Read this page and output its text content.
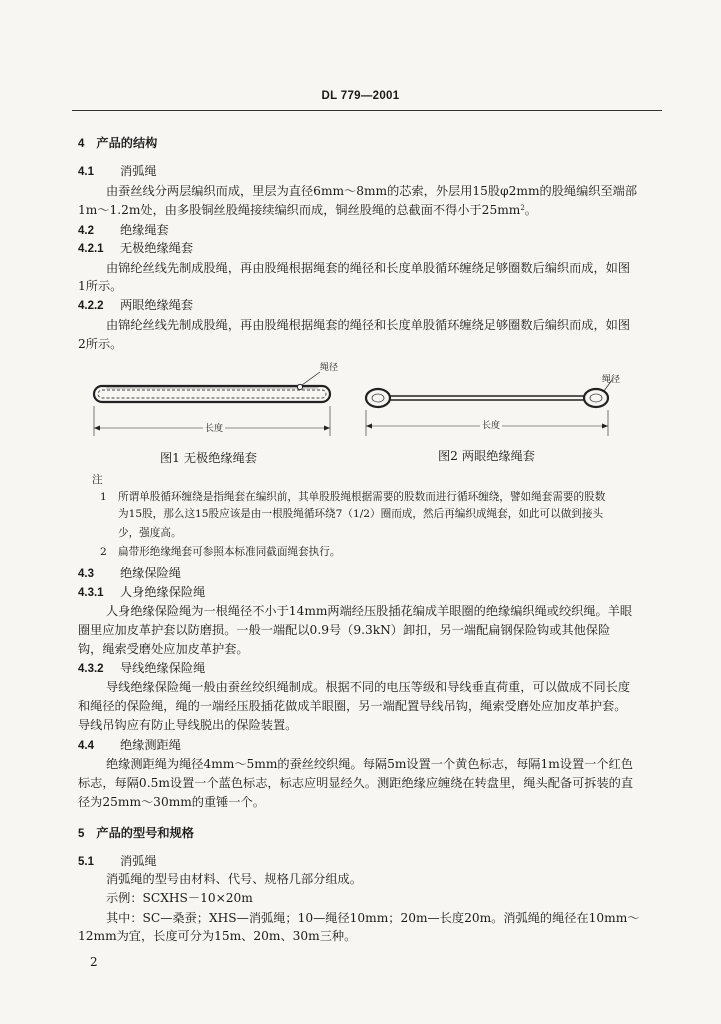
DL 779—2001
4 产品的结构
4.1 消弧绳
由蚕丝线分两层编织而成，里层为直径6mm～8mm的芯索，外层用15股φ2mm的股绳编织至端部
1m～1.2m处，由多股铜丝股绳接续编织而成，铜丝股绳的总截面不得小于$25mm^2$。
4.2 绝缘绳套
4.2.1 无极绝缘绳套
由锦纶丝线先制成股绳，再由股绳根据绳套的绳径和长度单股循环缠绕足够圈数后编织而成，如图
1所示。
4.2.2 两眼绝缘绳套
由锦纶丝线先制成股绳，再由股绳根据绳套的绳径和长度单股循环缠绕足够圈数后编织而成，如图
2所示。
绳径
长度
图1 无极绝缘绳套
绳径
长度
图2 两眼绝缘绳套
注
1 所谓单股循环缠绕是指绳套在编织前，其单股股绳根据需要的股数而进行循环缠绕，譬如绳套需要的股数
为15股，那么这15股应该是由一根股绳循环绕7（1/2）圈而成，然后再编织成绳套，如此可以做到接头
少，强度高。
2 扁带形绝缘绳套可参照本标准同截面绳套执行。
4.3 绝缘保险绳
4.3.1 人身绝缘保险绳
人身绝缘保险绳为一根绳径不小于14mm两端经压股插花编成羊眼圈的绝缘编织绳或绞织绳。羊眼
圈里应加皮革护套以防磨损。一般一端配以0.9号（9.3kN）卸扣，另一端配扁钢保险钩或其他保险
钩，绳索受磨处应加皮革护套。
4.3.2 导线绝缘保险绳
导线绝缘保险绳一般由蚕丝绞织绳制成。根据不同的电压等级和导线垂直荷重，可以做成不同长度
和绳径的保险绳，绳的一端经压股插花做成羊眼圈，另一端配置导线吊钩，绳索受磨处应加皮革护套。
导线吊钩应有防止导线脱出的保险装置。
4.4 绝缘测距绳
绝缘测距绳为绳径4mm～5mm的蚕丝绞织绳。每隔5m设置一个黄色标志，每隔1m设置一个红色
标志，每隔0.5m设置一个蓝色标志，标志应明显经久。测距绝缘应缠绕在转盘里，绳头配备可拆装的直
径为25mm～30mm的重锤一个。
5 产品的型号和规格
5.1 消弧绳
消弧绳的型号由材料、代号、规格几部分组成。
示例：SCXHS－10×20m
其中：SC—桑蚕；XHS—消弧绳；10—绳径10mm；20m—长度20m。消弧绳的绳径在10mm～
12mm为宜，长度可分为15m、20m、30m三种。
2
